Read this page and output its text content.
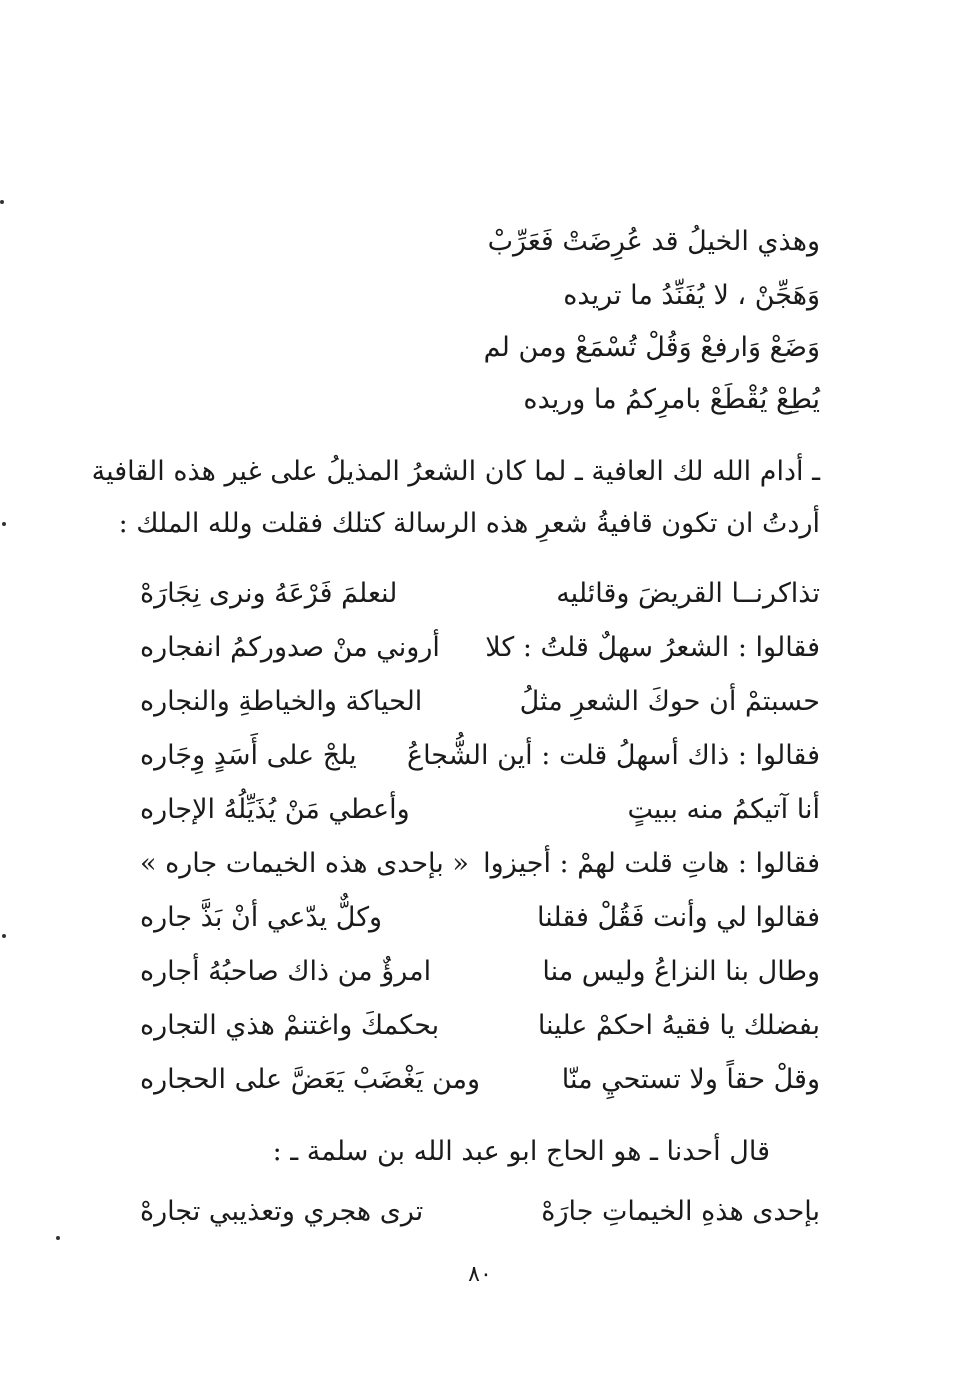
وهذي الخيلُ قد عُرِضَتْ فَعَرِّبْ
وَهَجِّنْ ، لا يُفَنِّدُ ما تريده
وَضَعْ وَارفعْ وَقُلْ تُسْمَعْ ومن لم
يُطِعْ يُقْطَعْ بامرِكمُ ما وريده
ـ أدام الله لك العافية ـ لما كان الشعرُ المذيلُ على غير هذه القافية
أردتُ ان تكون قافيةُ شعرِ هذه الرسالة كتلك فقلت ولله الملك :
تذاكرنــا القريضَ وقائليه
لنعلمَ فَرْعَهُ ونرى نِجَارَهْ
فقالوا : الشعرُ سهلٌ قلتُ : كلا
أروني منْ صدوركمُ انفجاره
حسبتمْ أن حوكَ الشعرِ مثلُ
الحياكة والخياطةِ والنجاره
فقالوا : ذاك أسهلُ قلت : أين الشُّجاعُ
يلجْ على أَسَدٍ وِجَاره
أنا آتيكمُ منه ببيتٍ
وأعطي مَنْ يُذَيِّلُهُ الإجاره
فقالوا : هاتِ قلت لهمْ : أجيزوا
« بإحدى هذه الخيمات جاره »
فقالوا لي وأنت فَقُلْ فقلنا
وكلٌّ يدّعي أنْ بَذَّ جاره
وطال بنا النزاعُ وليس منا
امرؤٌ من ذاك صاحبُهُ أجاره
بفضلك يا فقيهُ احكمْ علينا
بحكمكَ واغتنمْ هذي التجاره
وقلْ حقاً ولا تستحيِ منّا
ومن يَغْضَبْ يَعَضَّ على الحجاره
قال أحدنا ـ هو الحاج ابو عبد الله بن سلمة ـ :
بإحدى هذهِ الخيماتِ جارَهْ
ترى هجري وتعذيبي تجارهْ
٨٠
